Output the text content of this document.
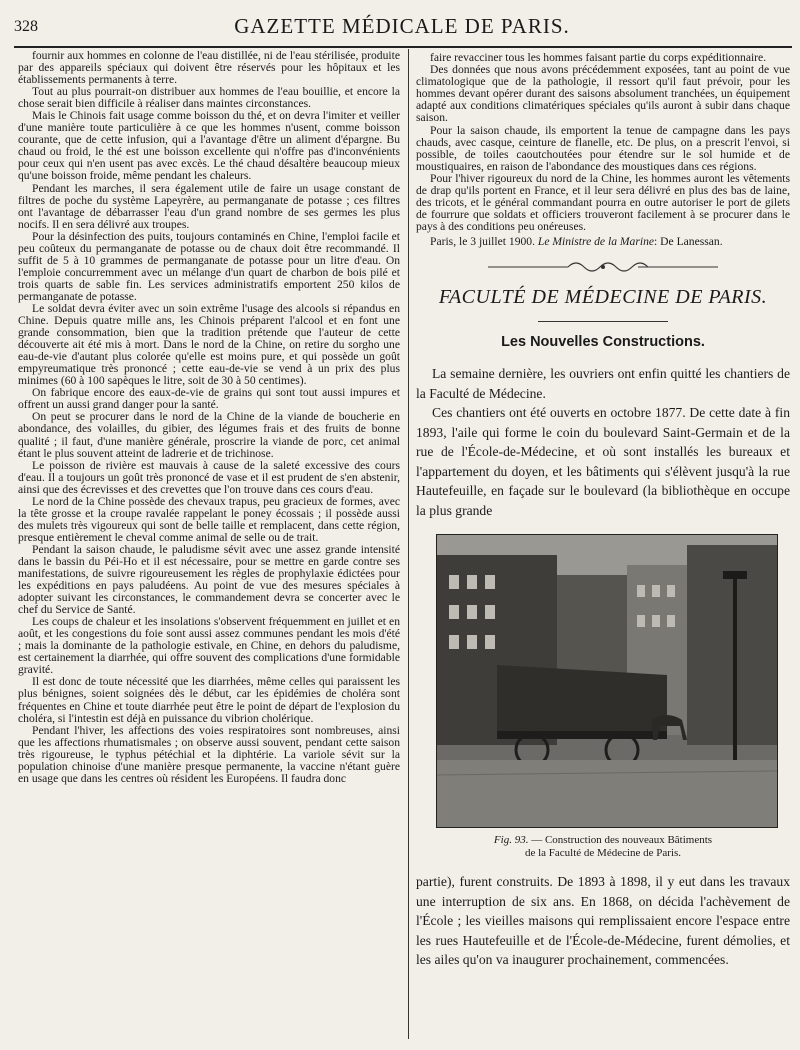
328	GAZETTE MÉDICALE DE PARIS.

fournir aux hommes en colonne de l'eau distillée, ni de l'eau stérilisée, produite par des appareils spéciaux qui doivent être réservés pour les hôpitaux et les établissements permanents à terre.

Tout au plus pourrait-on distribuer aux hommes de l'eau bouillie, et encore la chose serait bien difficile à réaliser dans maintes circonstances.

Mais le Chinois fait usage comme boisson du thé, et on devra l'imiter et veiller d'une manière toute particulière à ce que les hommes n'usent, comme boisson courante, que de cette infusion, qui a l'avantage d'être un aliment d'épargne. Bu chaud ou froid, le thé est une boisson excellente qui n'offre pas d'inconvénients pour ceux qui n'en usent pas avec excès. Le thé chaud désaltère beaucoup mieux qu'une boisson froide, même pendant les chaleurs.

Pendant les marches, il sera également utile de faire un usage constant de filtres de poche du système Lapeyrère, au permanganate de potasse ; ces filtres ont l'avantage de débarrasser l'eau d'un grand nombre de ses germes les plus nocifs. Il en sera délivré aux troupes.

Pour la désinfection des puits, toujours contaminés en Chine, l'emploi facile et peu coûteux du permanganate de potasse ou de chaux doit être recommandé. Il suffit de 5 à 10 grammes de permanganate de potasse pour un litre d'eau. On l'emploie concurremment avec un mélange d'un quart de charbon de bois pilé et trois quarts de sable fin. Les services administratifs emportent 250 kilos de permanganate de potasse.

Le soldat devra éviter avec un soin extrême l'usage des alcools si répandus en Chine. Depuis quatre mille ans, les Chinois préparent l'alcool et en font une grande consommation, bien que la tradition prétende que l'auteur de cette découverte ait été mis à mort. Dans le nord de la Chine, on retire du sorgho une eau-de-vie d'autant plus colorée qu'elle est moins pure, et qui possède un goût empyreumatique très prononcé ; cette eau-de-vie se vend à un prix des plus minimes (60 à 100 sapèques le litre, soit de 30 à 50 centimes).

On fabrique encore des eaux-de-vie de grains qui sont tout aussi impures et offrent un aussi grand danger pour la santé.

On peut se procurer dans le nord de la Chine de la viande de boucherie en abondance, des volailles, du gibier, des légumes frais et des fruits de bonne qualité ; il faut, d'une manière générale, proscrire la viande de porc, cet animal étant le plus souvent atteint de ladrerie et de trichinose.

Le poisson de rivière est mauvais à cause de la saleté excessive des cours d'eau. Il a toujours un goût très prononcé de vase et il est prudent de s'en abstenir, ainsi que des écrevisses et des crevettes que l'on trouve dans ces cours d'eau.

Le nord de la Chine possède des chevaux trapus, peu gracieux de formes, avec la tête grosse et la croupe ravalée rappelant le poney écossais ; il possède aussi des mulets très vigoureux qui sont de belle taille et remplacent, dans cette région, presque entièrement le cheval comme animal de selle ou de trait.

Pendant la saison chaude, le paludisme sévit avec une assez grande intensité dans le bassin du Péi-Ho et il est nécessaire, pour se mettre en garde contre ses manifestations, de suivre rigoureusement les règles de prophylaxie édictées pour les expéditions en pays paludéens. Au point de vue des mesures spéciales à adopter suivant les circonstances, le commandement devra se concerter avec le chef du Service de Santé.

Les coups de chaleur et les insolations s'observent fréquemment en juillet et en août, et les congestions du foie sont aussi assez communes pendant les mois d'été ; mais la dominante de la pathologie estivale, en Chine, en dehors du paludisme, est certainement la diarrhée, qui offre souvent des complications d'une formidable gravité.

Il est donc de toute nécessité que les diarrhées, même celles qui paraissent les plus bénignes, soient soignées dès le début, car les épidémies de choléra sont fréquentes en Chine et toute diarrhée peut être le point de départ de l'explosion du choléra, si l'intestin est déjà en puissance du vibrion cholérique.

Pendant l'hiver, les affections des voies respiratoires sont nombreuses, ainsi que les affections rhumatismales ; on observe aussi souvent, pendant cette saison très rigoureuse, le typhus pétéchial et la diphtérie. La variole sévit sur la population chinoise d'une manière presque permanente, la vaccine n'étant guère en usage que dans les centres où résident les Européens. Il faudra donc

faire revacciner tous les hommes faisant partie du corps expéditionnaire.

Des données que nous avons précédemment exposées, tant au point de vue climatologique que de la pathologie, il ressort qu'il faut prévoir, pour les hommes devant opérer durant des saisons absolument tranchées, un équipement adapté aux conditions climatériques spéciales qu'ils auront à subir dans chaque saison.

Pour la saison chaude, ils emportent la tenue de campagne dans les pays chauds, avec casque, ceinture de flanelle, etc. De plus, on a prescrit l'envoi, si possible, de toiles caoutchoutées pour étendre sur le sol humide et de moustiquaires, en raison de l'abondance des moustiques dans ces régions.

Pour l'hiver rigoureux du nord de la Chine, les hommes auront les vêtements de drap qu'ils portent en France, et il leur sera délivré en plus des bas de laine, des tricots, et le général commandant pourra en outre autoriser le port de gilets de fourrure que soldats et officiers trouveront facilement à se procurer dans le pays à des conditions peu onéreuses.

Paris, le 3 juillet 1900. Le Ministre de la Marine: De Lanessan.

FACULTÉ DE MÉDECINE DE PARIS.
Les Nouvelles Constructions.

La semaine dernière, les ouvriers ont enfin quitté les chantiers de la Faculté de Médecine.

Ces chantiers ont été ouverts en octobre 1877. De cette date à fin 1893, l'aile qui forme le coin du boulevard Saint-Germain et de la rue de l'École-de-Médecine, et où sont installés les bureaux et l'appartement du doyen, et les bâtiments qui s'élèvent jusqu'à la rue Hautefeuille, en façade sur le boulevard (la bibliothèque en occupe la plus grande

Fig. 93. — Construction des nouveaux Bâtiments
de la Faculté de Médecine de Paris.

partie), furent construits. De 1893 à 1898, il y eut dans les travaux une interruption de six ans. En 1868, on décida l'achèvement de l'École ; les vieilles maisons qui remplissaient encore l'espace entre les rues Hautefeuille et de l'École-de-Médecine, furent démolies, et les ailes qu'on va inaugurer prochainement, commencées.
